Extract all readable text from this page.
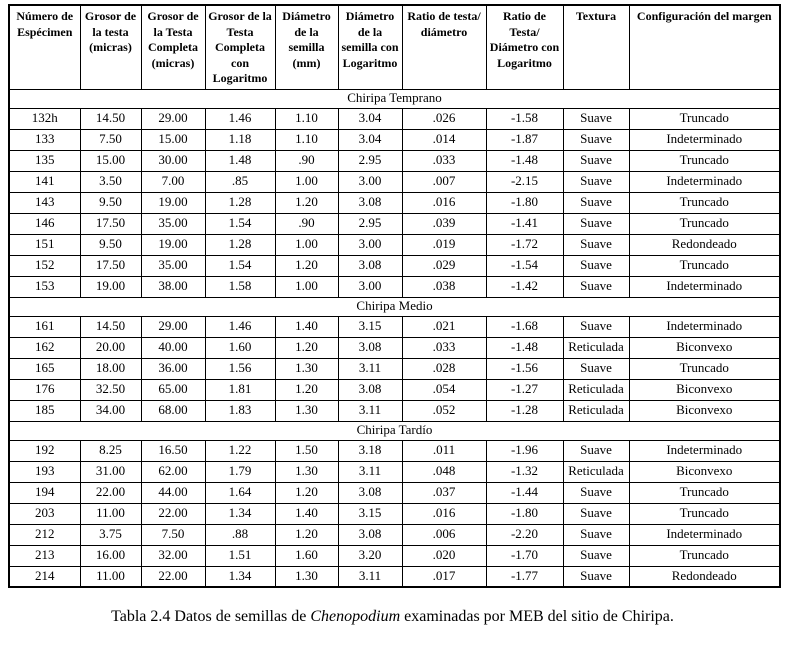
Número de Espécimen	Grosor de la testa (micras)	Grosor de la Testa Completa (micras)	Grosor de la Testa Completa con Logaritmo	Diámetro de la semilla (mm)	Diámetro de la semilla con Logaritmo	Ratio de testa/ diámetro	Ratio de Testa/ Diámetro con Logaritmo	Textura	Configuración del margen
Chiripa Temprano									
132h	14.50	29.00	1.46	1.10	3.04	.026	-1.58	Suave	Truncado
133	7.50	15.00	1.18	1.10	3.04	.014	-1.87	Suave	Indeterminado
135	15.00	30.00	1.48	.90	2.95	.033	-1.48	Suave	Truncado
141	3.50	7.00	.85	1.00	3.00	.007	-2.15	Suave	Indeterminado
143	9.50	19.00	1.28	1.20	3.08	.016	-1.80	Suave	Truncado
146	17.50	35.00	1.54	.90	2.95	.039	-1.41	Suave	Truncado
151	9.50	19.00	1.28	1.00	3.00	.019	-1.72	Suave	Redondeado
152	17.50	35.00	1.54	1.20	3.08	.029	-1.54	Suave	Truncado
153	19.00	38.00	1.58	1.00	3.00	.038	-1.42	Suave	Indeterminado
Chiripa Medio									
161	14.50	29.00	1.46	1.40	3.15	.021	-1.68	Suave	Indeterminado
162	20.00	40.00	1.60	1.20	3.08	.033	-1.48	Reticulada	Biconvexo
165	18.00	36.00	1.56	1.30	3.11	.028	-1.56	Suave	Truncado
176	32.50	65.00	1.81	1.20	3.08	.054	-1.27	Reticulada	Biconvexo
185	34.00	68.00	1.83	1.30	3.11	.052	-1.28	Reticulada	Biconvexo
Chiripa Tardío									
192	8.25	16.50	1.22	1.50	3.18	.011	-1.96	Suave	Indeterminado
193	31.00	62.00	1.79	1.30	3.11	.048	-1.32	Reticulada	Biconvexo
194	22.00	44.00	1.64	1.20	3.08	.037	-1.44	Suave	Truncado
203	11.00	22.00	1.34	1.40	3.15	.016	-1.80	Suave	Truncado
212	3.75	7.50	.88	1.20	3.08	.006	-2.20	Suave	Indeterminado
213	16.00	32.00	1.51	1.60	3.20	.020	-1.70	Suave	Truncado
214	11.00	22.00	1.34	1.30	3.11	.017	-1.77	Suave	Redondeado
Tabla 2.4 Datos de semillas de Chenopodium examinadas por MEB del sitio de Chiripa.
